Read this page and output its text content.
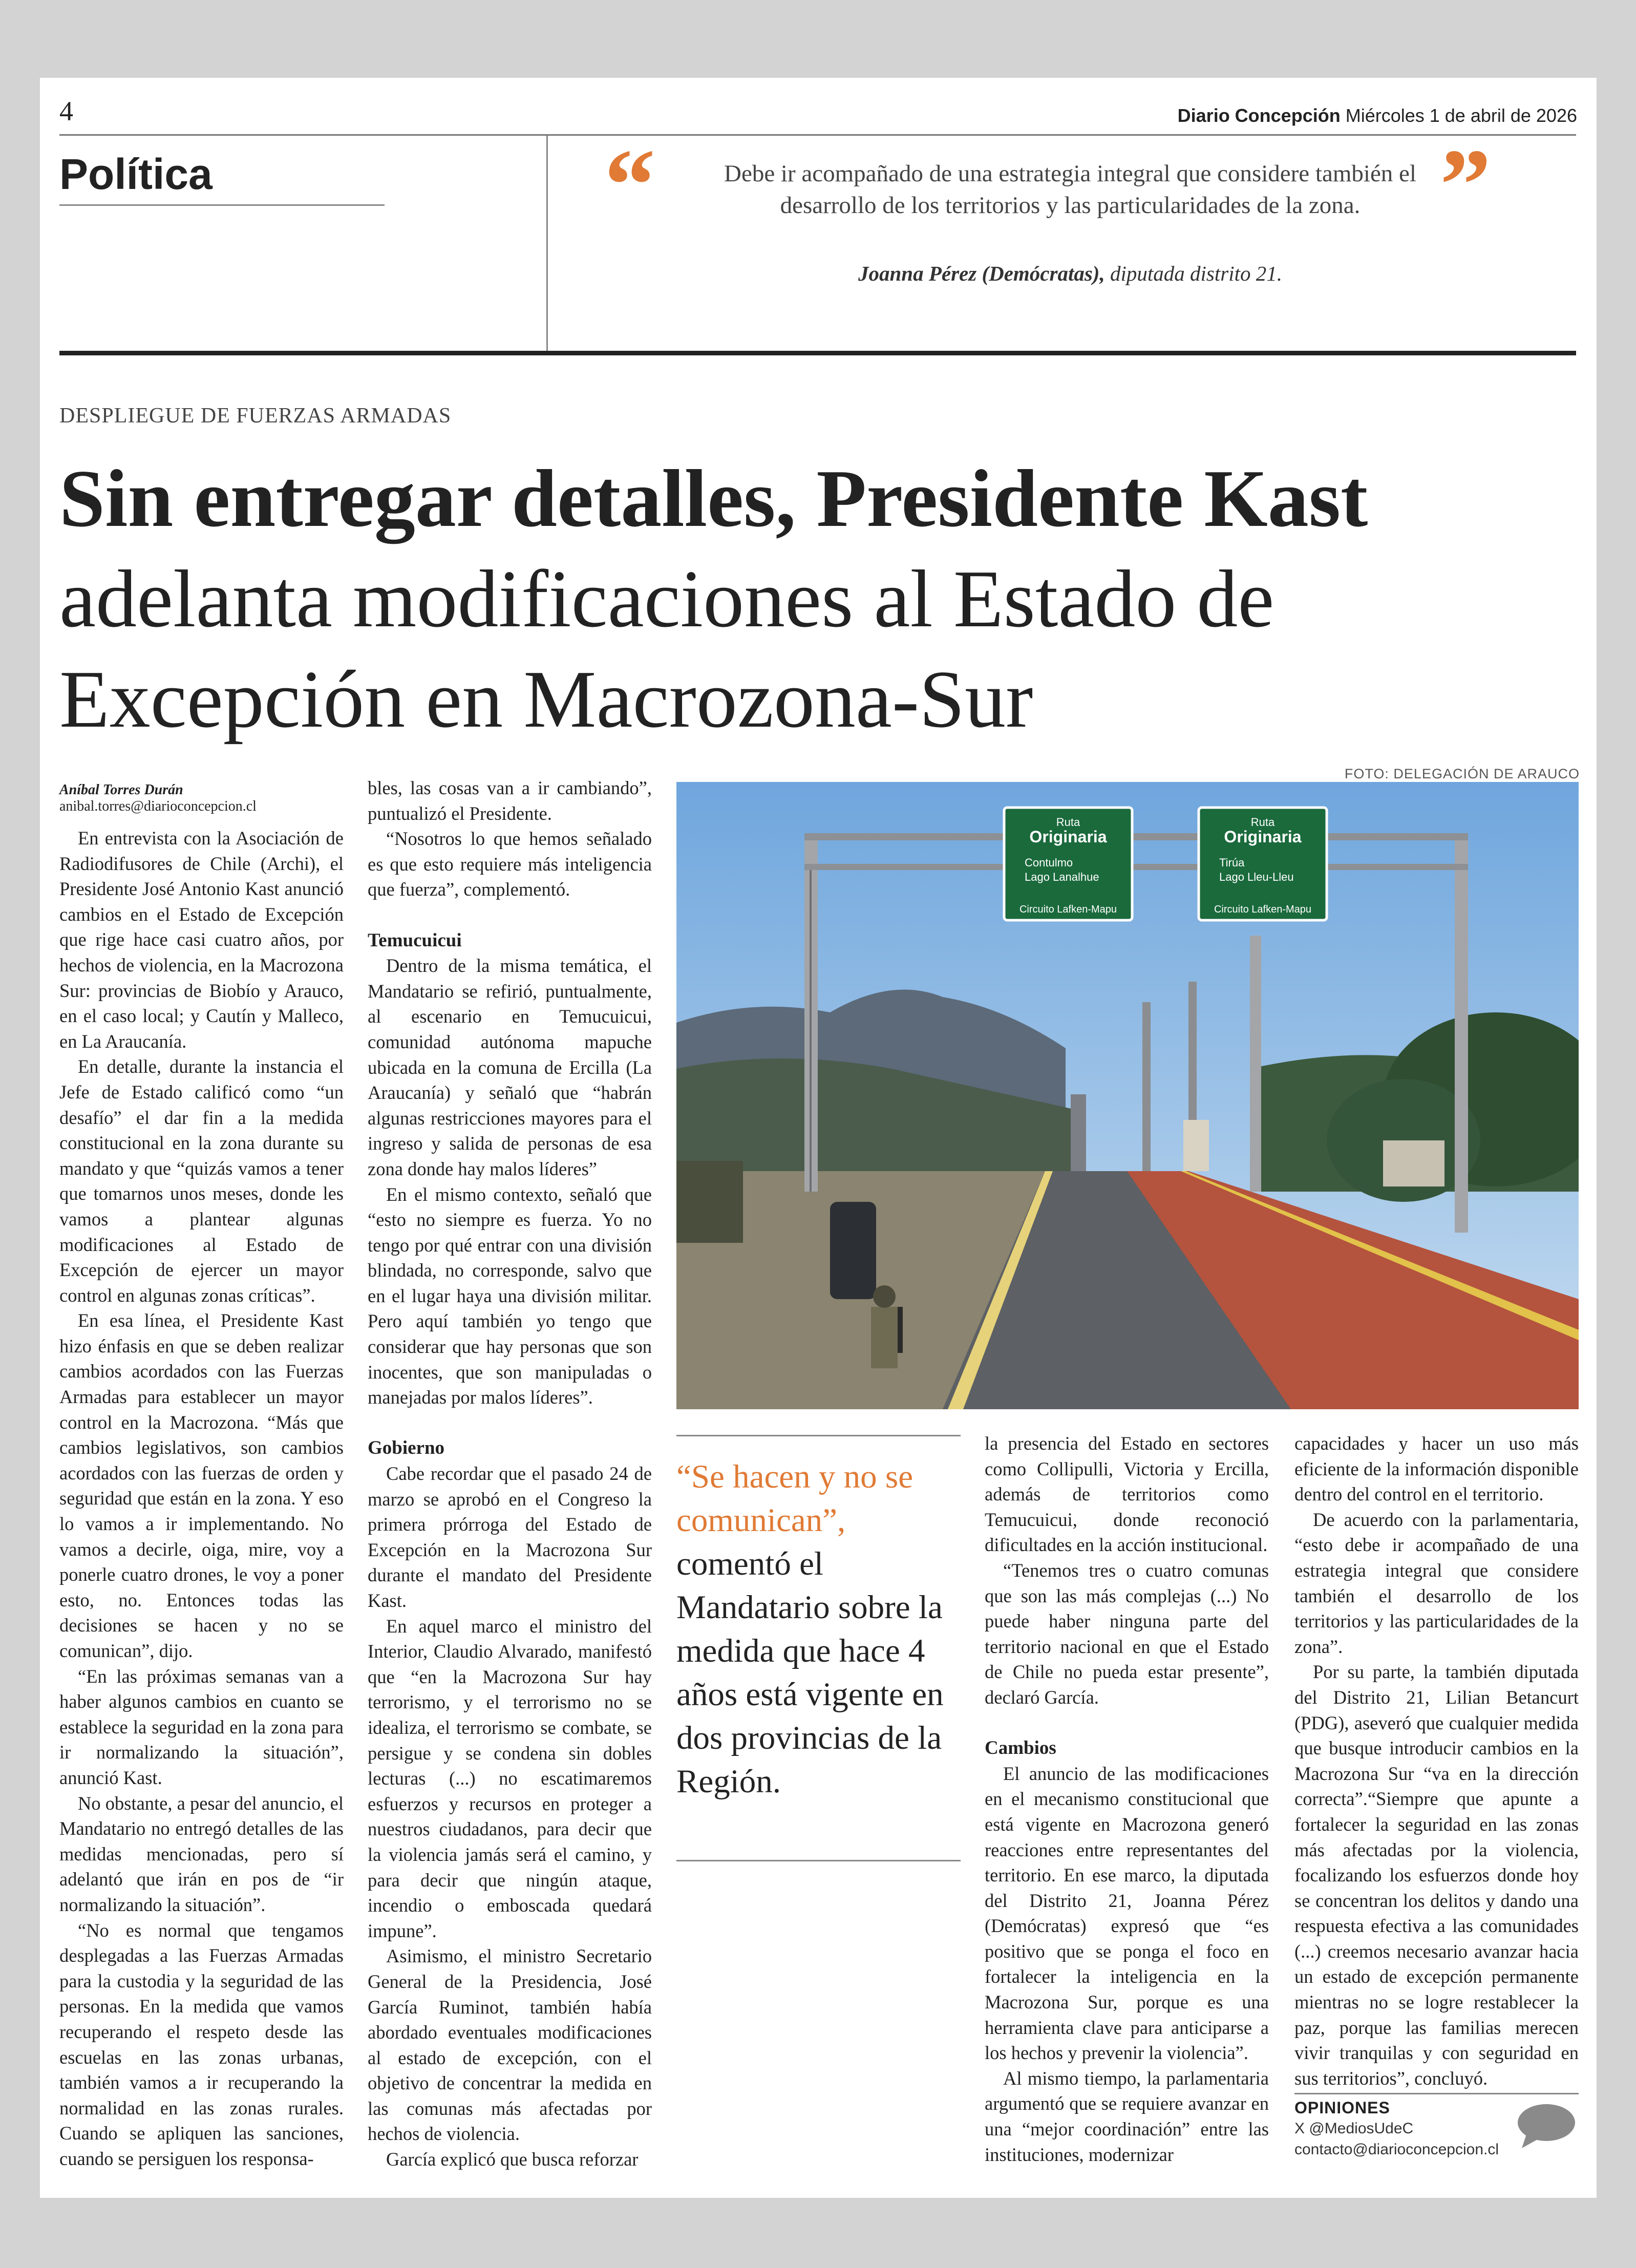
4	Diario Concepción Miércoles 1 de abril de 2026
Política	“	”
Debe ir acompañado de una estrategia integral que considere también el desarrollo de los territorios y las particularidades de la zona.
Joanna Pérez (Demócratas), diputada distrito 21.
DESPLIEGUE DE FUERZAS ARMADAS
Sin entregar detalles, Presidente Kast adelanta modificaciones al Estado de Excepción en Macrozona-Sur
FOTO: DELEGACIÓN DE ARAUCO
Ruta
Originaria
Contulmo
Lago Lanalhue
Circuito Lafken-Mapu
Ruta
Originaria
Tirúa
Lago Lleu-Lleu
Circuito Lafken-Mapu
Aníbal Torres Durán
anibal.torres@diarioconcepcion.cl

En entrevista con la Asociación de Radiodifusores de Chile (Archi), el Presidente José Antonio Kast anunció cambios en el Estado de Excepción que rige hace casi cuatro años, por hechos de violencia, en la Macrozona Sur: provincias de Biobío y Arauco, en el caso local; y Cautín y Malleco, en La Araucanía.

En detalle, durante la instancia el Jefe de Estado calificó como “un desafío” el dar fin a la medida constitucional en la zona durante su mandato y que “quizás vamos a tener que tomarnos unos meses, donde les vamos a plantear algunas modificaciones al Estado de Excepción de ejercer un mayor control en algunas zonas críticas”.

En esa línea, el Presidente Kast hizo énfasis en que se deben realizar cambios acordados con las Fuerzas Armadas para establecer un mayor control en la Macrozona. “Más que cambios legislativos, son cambios acordados con las fuerzas de orden y seguridad que están en la zona. Y eso lo vamos a ir implementando. No vamos a decirle, oiga, mire, voy a ponerle cuatro drones, le voy a poner esto, no. Entonces todas las decisiones se hacen y no se comunican”, dijo.

“En las próximas semanas van a haber algunos cambios en cuanto se establece la seguridad en la zona para ir normalizando la situación”, anunció Kast.

No obstante, a pesar del anuncio, el Mandatario no entregó detalles de las medidas mencionadas, pero sí adelantó que irán en pos de “ir normalizando la situación”.

“No es normal que tengamos desplegadas a las Fuerzas Armadas para la custodia y la seguridad de las personas. En la medida que vamos recuperando el respeto desde las escuelas en las zonas urbanas, también vamos a ir recuperando la normalidad en las zonas rurales. Cuando se apliquen las sanciones, cuando se persiguen los responsa-

bles, las cosas van a ir cambiando”, puntualizó el Presidente.

“Nosotros lo que hemos señalado es que esto requiere más inteligencia que fuerza”, complementó.

Temucuicui

Dentro de la misma temática, el Mandatario se refirió, puntualmente, al escenario en Temucuicui, comunidad autónoma mapuche ubicada en la comuna de Ercilla (La Araucanía) y señaló que “habrán algunas restricciones mayores para el ingreso y salida de personas de esa zona donde hay malos líderes”

En el mismo contexto, señaló que “esto no siempre es fuerza. Yo no tengo por qué entrar con una división blindada, no corresponde, salvo que en el lugar haya una división militar. Pero aquí también yo tengo que considerar que hay personas que son inocentes, que son manipuladas o manejadas por malos líderes”.

Gobierno

Cabe recordar que el pasado 24 de marzo se aprobó en el Congreso la primera prórroga del Estado de Excepción en la Macrozona Sur durante el mandato del Presidente Kast.

En aquel marco el ministro del Interior, Claudio Alvarado, manifestó que “en la Macrozona Sur hay terrorismo, y el terrorismo no se idealiza, el terrorismo se combate, se persigue y se condena sin dobles lecturas (...) no escatimaremos esfuerzos y recursos en proteger a nuestros ciudadanos, para decir que la violencia jamás será el camino, y para decir que ningún ataque, incendio o emboscada quedará impune”.

Asimismo, el ministro Secretario General de la Presidencia, José García Ruminot, también había abordado eventuales modificaciones al estado de excepción, con el objetivo de concentrar la medida en las comunas más afectadas por hechos de violencia.

García explicó que busca reforzar

“Se hacen y no se comunican”, comentó el Mandatario sobre la medida que hace 4 años está vigente en dos provincias de la Región.

la presencia del Estado en sectores como Collipulli, Victoria y Ercilla, además de territorios como Temucuicui, donde reconoció dificultades en la acción institucional.

“Tenemos tres o cuatro comunas que son las más complejas (...) No puede haber ninguna parte del territorio nacional en que el Estado de Chile no pueda estar presente”, declaró García.

Cambios

El anuncio de las modificaciones en el mecanismo constitucional que está vigente en Macrozona generó reacciones entre representantes del territorio. En ese marco, la diputada del Distrito 21, Joanna Pérez (Demócratas) expresó que “es positivo que se ponga el foco en fortalecer la inteligencia en la Macrozona Sur, porque es una herramienta clave para anticiparse a los hechos y prevenir la violencia”.

Al mismo tiempo, la parlamentaria argumentó que se requiere avanzar en una “mejor coordinación” entre las instituciones, modernizar

capacidades y hacer un uso más eficiente de la información disponible dentro del control en el territorio.

De acuerdo con la parlamentaria, “esto debe ir acompañado de una estrategia integral que considere también el desarrollo de los territorios y las particularidades de la zona”.

Por su parte, la también diputada del Distrito 21, Lilian Betancurt (PDG), aseveró que cualquier medida que busque introducir cambios en la Macrozona Sur “va en la dirección correcta”.“Siempre que apunte a fortalecer la seguridad en las zonas más afectadas por la violencia, focalizando los esfuerzos donde hoy se concentran los delitos y dando una respuesta efectiva a las comunidades (...) creemos necesario avanzar hacia un estado de excepción permanente mientras no se logre restablecer la paz, porque las familias merecen vivir tranquilas y con seguridad en sus territorios”, concluyó.

OPINIONES
X @MediosUdeC
contacto@diarioconcepcion.cl
